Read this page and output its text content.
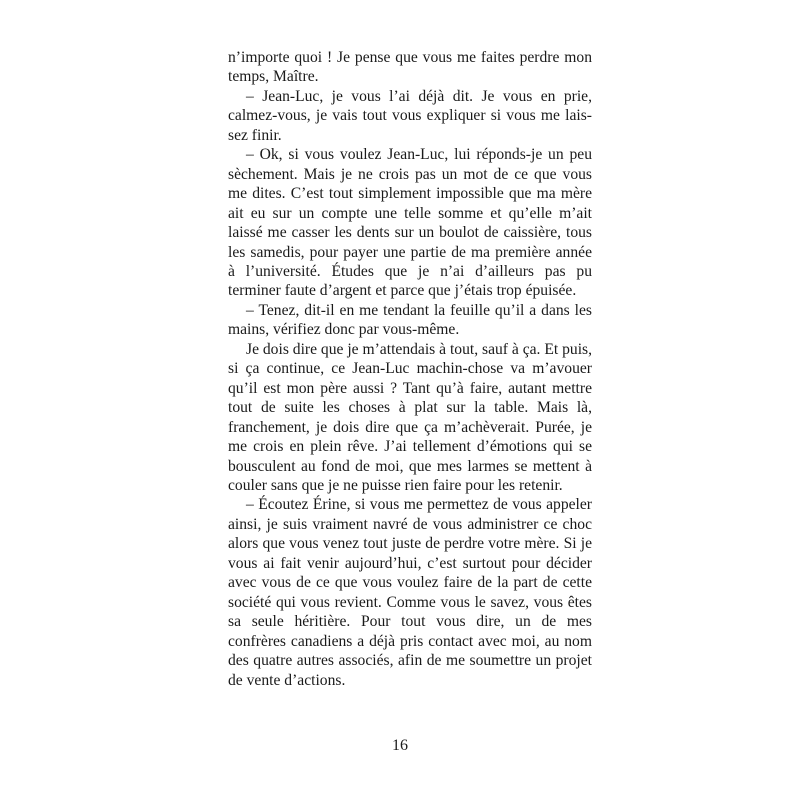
n’importe quoi ! Je pense que vous me faites perdre mon temps, Maître.

– Jean-Luc, je vous l’ai déjà dit. Je vous en prie, calmez-vous, je vais tout vous expliquer si vous me laissez finir.

– Ok, si vous voulez Jean-Luc, lui réponds-je un peu sèchement. Mais je ne crois pas un mot de ce que vous me dites. C’est tout simplement impossible que ma mère ait eu sur un compte une telle somme et qu’elle m’ait laissé me casser les dents sur un boulot de caissière, tous les samedis, pour payer une partie de ma première année à l’université. Études que je n’ai d’ailleurs pas pu terminer faute d’argent et parce que j’étais trop épuisée.

– Tenez, dit-il en me tendant la feuille qu’il a dans les mains, vérifiez donc par vous-même.

Je dois dire que je m’attendais à tout, sauf à ça. Et puis, si ça continue, ce Jean-Luc machin-chose va m’avouer qu’il est mon père aussi ? Tant qu’à faire, autant mettre tout de suite les choses à plat sur la table. Mais là, franchement, je dois dire que ça m’achèverait. Purée, je me crois en plein rêve. J’ai tellement d’émotions qui se bousculent au fond de moi, que mes larmes se mettent à couler sans que je ne puisse rien faire pour les retenir.

– Écoutez Érine, si vous me permettez de vous appeler ainsi, je suis vraiment navré de vous administrer ce choc alors que vous venez tout juste de perdre votre mère. Si je vous ai fait venir aujourd’hui, c’est surtout pour décider avec vous de ce que vous voulez faire de la part de cette société qui vous revient. Comme vous le savez, vous êtes sa seule héritière. Pour tout vous dire, un de mes confrères canadiens a déjà pris contact avec moi, au nom des quatre autres associés, afin de me soumettre un projet de vente d’actions.

16
